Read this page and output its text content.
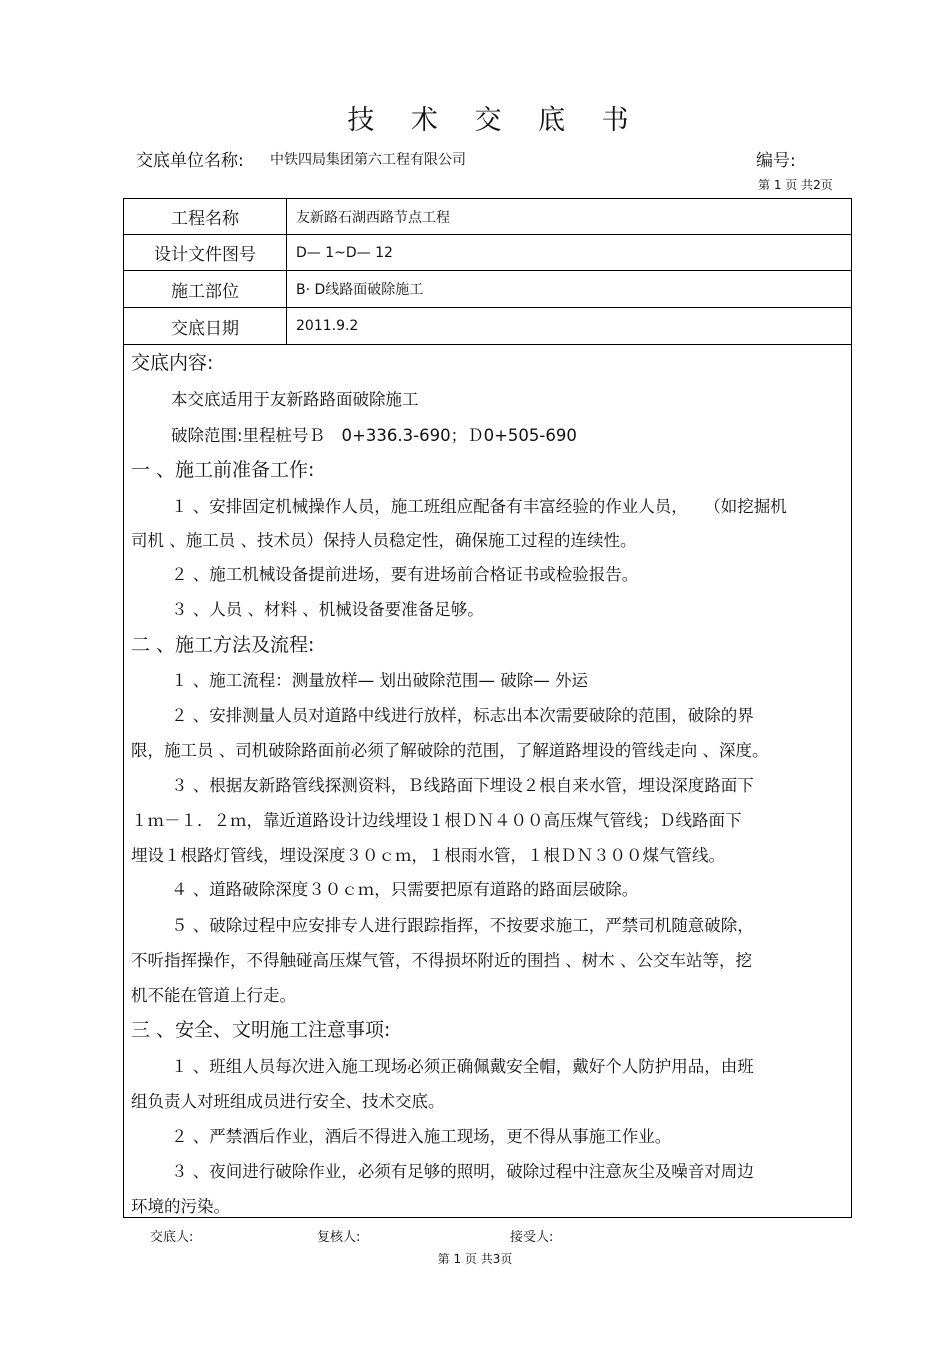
技 术 交 底 书
交底单位名称: 中铁四局集团第六工程有限公司	编号:
第 1 页 共2页
工程名称	友新路石湖西路节点工程
设计文件图号	D— 1~D— 12
施工部位	B· D线路面破除施工
交底日期	2011.9.2

交底内容:

本交底适用于友新路路面破除施工

破除范围:里程桩号Ｂ　0+336.3-690；Ｄ0+505-690

一 、施工前准备工作:

１ 、安排固定机械操作人员，施工班组应配备有丰富经验的作业人员，　　（如挖掘机

司机 、施工员 、技术员）保持人员稳定性，确保施工过程的连续性。

２ 、施工机械设备提前进场，要有进场前合格证书或检验报告。

３ 、人员 、材料 、机械设备要准备足够。

二 、施工方法及流程:

１ 、施工流程：测量放样— 划出破除范围— 破除— 外运

２ 、安排测量人员对道路中线进行放样，标志出本次需要破除的范围，破除的界

限，施工员 、司机破除路面前必须了解破除的范围，了解道路埋设的管线走向 、深度。

３ 、根据友新路管线探测资料，Ｂ线路面下埋设２根自来水管，埋设深度路面下

１ｍ－１．２ｍ，靠近道路设计边线埋设１根ＤＮ４００高压煤气管线；Ｄ线路面下

埋设１根路灯管线，埋设深度３０ｃｍ，１根雨水管，１根ＤＮ３００煤气管线。

４ 、道路破除深度３０ｃｍ，只需要把原有道路的路面层破除。

５ 、破除过程中应安排专人进行跟踪指挥，不按要求施工，严禁司机随意破除，

不听指挥操作，不得触碰高压煤气管，不得损坏附近的围挡 、树木 、公交车站等，挖

机不能在管道上行走。

三 、安全、文明施工注意事项:

１ 、班组人员每次进入施工现场必须正确佩戴安全帽，戴好个人防护用品，由班

组负责人对班组成员进行安全、技术交底。

２ 、严禁酒后作业，酒后不得进入施工现场，更不得从事施工作业。

３ 、夜间进行破除作业，必须有足够的照明，破除过程中注意灰尘及噪音对周边

环境的污染。

交底人:	复核人:	接受人:
第 1 页 共3页
